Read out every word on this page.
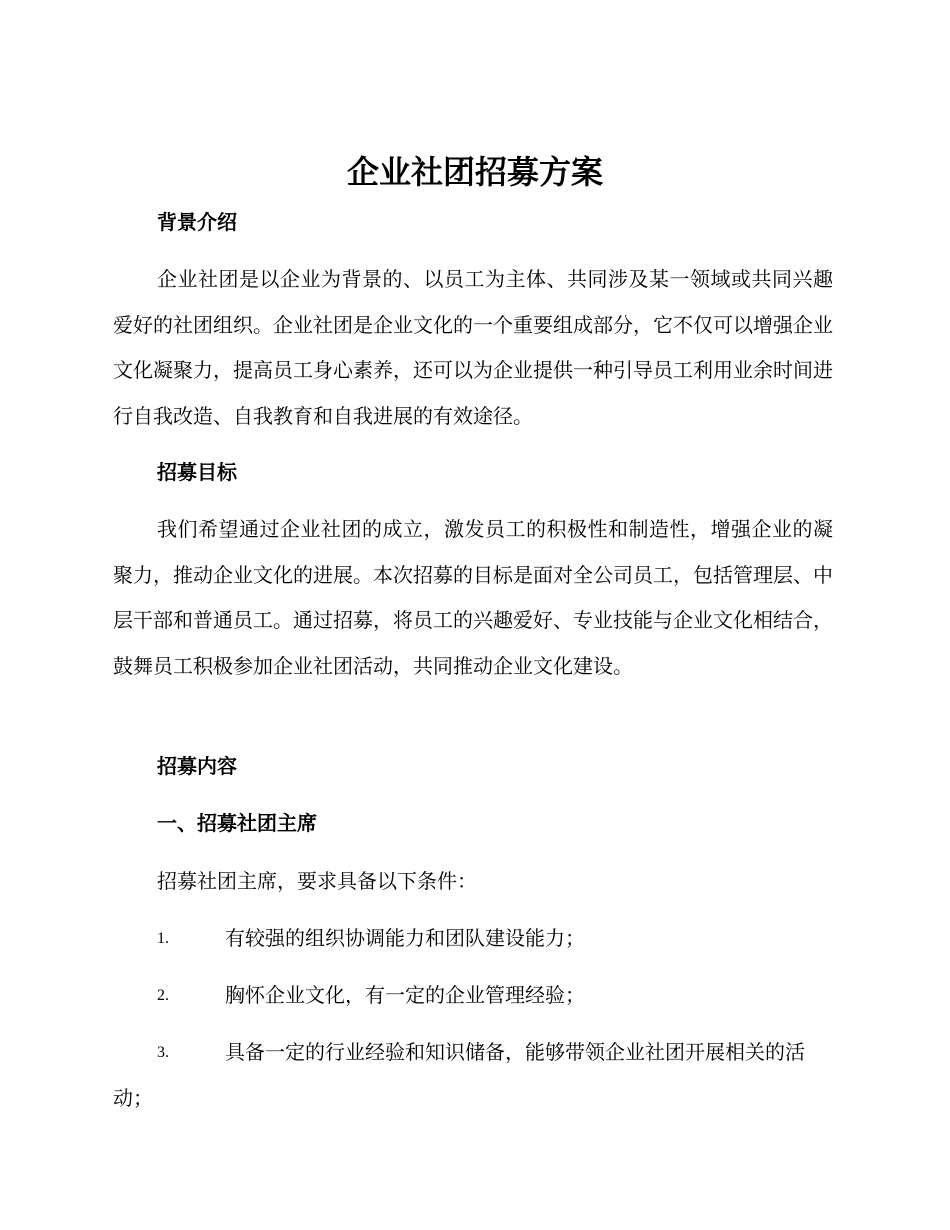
企业社团招募方案
背景介绍

企业社团是以企业为背景的、以员工为主体、共同涉及某一领域或共同兴趣爱好的社团组织。企业社团是企业文化的一个重要组成部分，它不仅可以增强企业文化凝聚力，提高员工身心素养，还可以为企业提供一种引导员工利用业余时间进行自我改造、自我教育和自我进展的有效途径。

招募目标

我们希望通过企业社团的成立，激发员工的积极性和制造性，增强企业的凝聚力，推动企业文化的进展。本次招募的目标是面对全公司员工，包括管理层、中层干部和普通员工。通过招募，将员工的兴趣爱好、专业技能与企业文化相结合，鼓舞员工积极参加企业社团活动，共同推动企业文化建设。

招募内容
一、招募社团主席

招募社团主席，要求具备以下条件：

1.	有较强的组织协调能力和团队建设能力；
2.	胸怀企业文化，有一定的企业管理经验；
3.	具备一定的行业经验和知识储备，能够带领企业社团开展相关的活动；
